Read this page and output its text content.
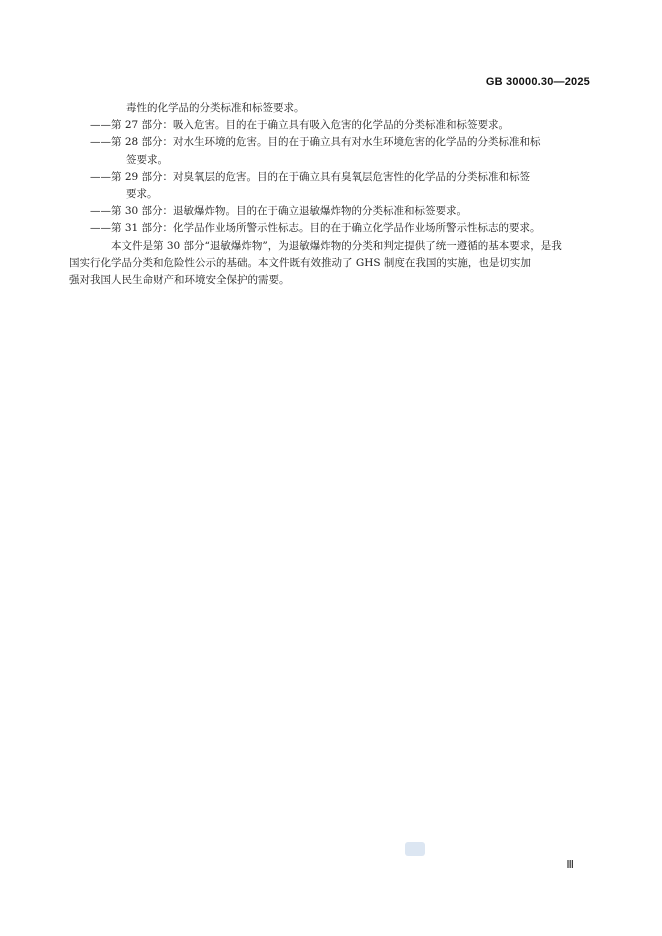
GB 30000.30—2025

毒性的化学品的分类标准和标签要求。

——第 27 部分：吸入危害。目的在于确立具有吸入危害的化学品的分类标准和标签要求。
——第 28 部分：对水生环境的危害。目的在于确立具有对水生环境危害的化学品的分类标准和标
签要求。
——第 29 部分：对臭氧层的危害。目的在于确立具有臭氧层危害性的化学品的分类标准和标签
要求。
——第 30 部分：退敏爆炸物。目的在于确立退敏爆炸物的分类标准和标签要求。
——第 31 部分：化学品作业场所警示性标志。目的在于确立化学品作业场所警示性标志的要求。

本文件是第 30 部分“退敏爆炸物”，为退敏爆炸物的分类和判定提供了统一遵循的基本要求，是我
国实行化学品分类和危险性公示的基础。本文件既有效推动了 GHS 制度在我国的实施，也是切实加
强对我国人民生命财产和环境安全保护的需要。

Ⅲ
